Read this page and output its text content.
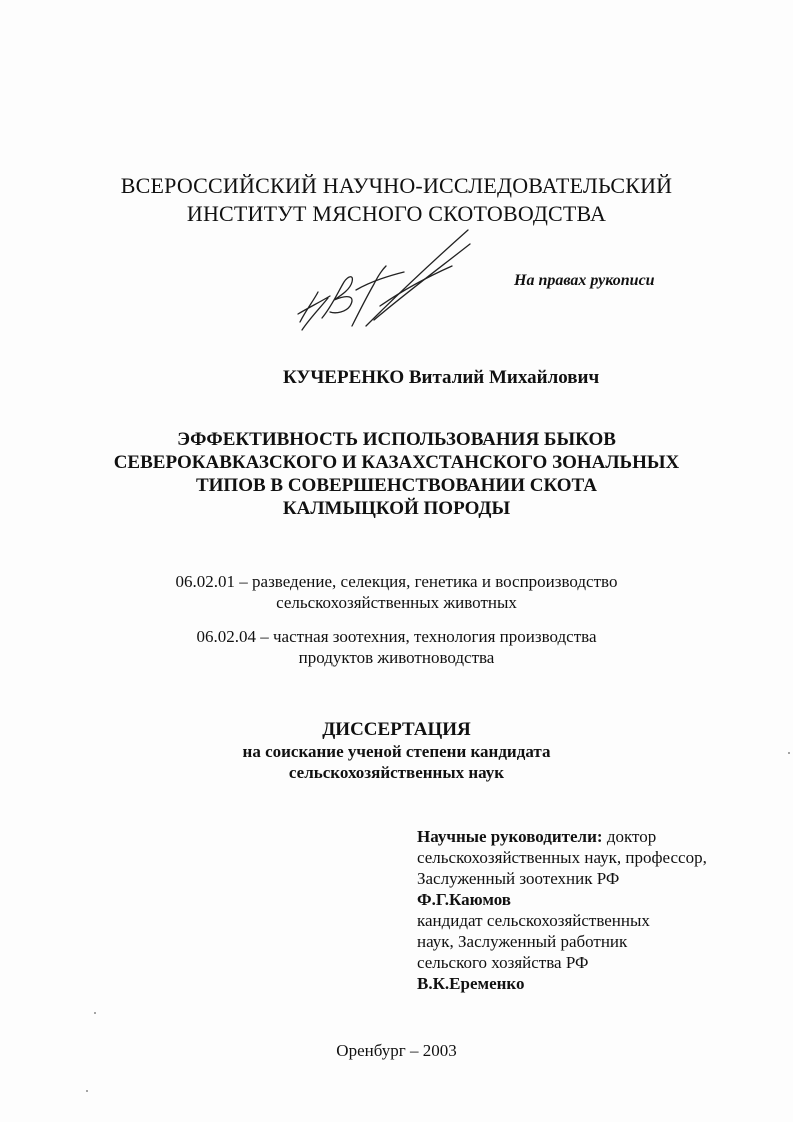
ВСЕРОССИЙСКИЙ НАУЧНО-ИССЛЕДОВАТЕЛЬСКИЙ
ИНСТИТУТ МЯСНОГО СКОТОВОДСТВА
На правах рукописи
КУЧЕРЕНКО Виталий Михайлович
ЭФФЕКТИВНОСТЬ ИСПОЛЬЗОВАНИЯ БЫКОВ
СЕВЕРОКАВКАЗСКОГО И КАЗАХСТАНСКОГО ЗОНАЛЬНЫХ
ТИПОВ В СОВЕРШЕНСТВОВАНИИ СКОТА
КАЛМЫЦКОЙ ПОРОДЫ
06.02.01 – разведение, селекция, генетика и воспроизводство
сельскохозяйственных животных
06.02.04 – частная зоотехния, технология производства
продуктов животноводства
ДИССЕРТАЦИЯ
на соискание ученой степени кандидата
сельскохозяйственных наук
Научные руководители: доктор
сельскохозяйственных наук, профессор,
Заслуженный зоотехник РФ
Ф.Г.Каюмов
кандидат сельскохозяйственных
наук, Заслуженный работник
сельского хозяйства РФ
В.К.Еременко
Оренбург – 2003
